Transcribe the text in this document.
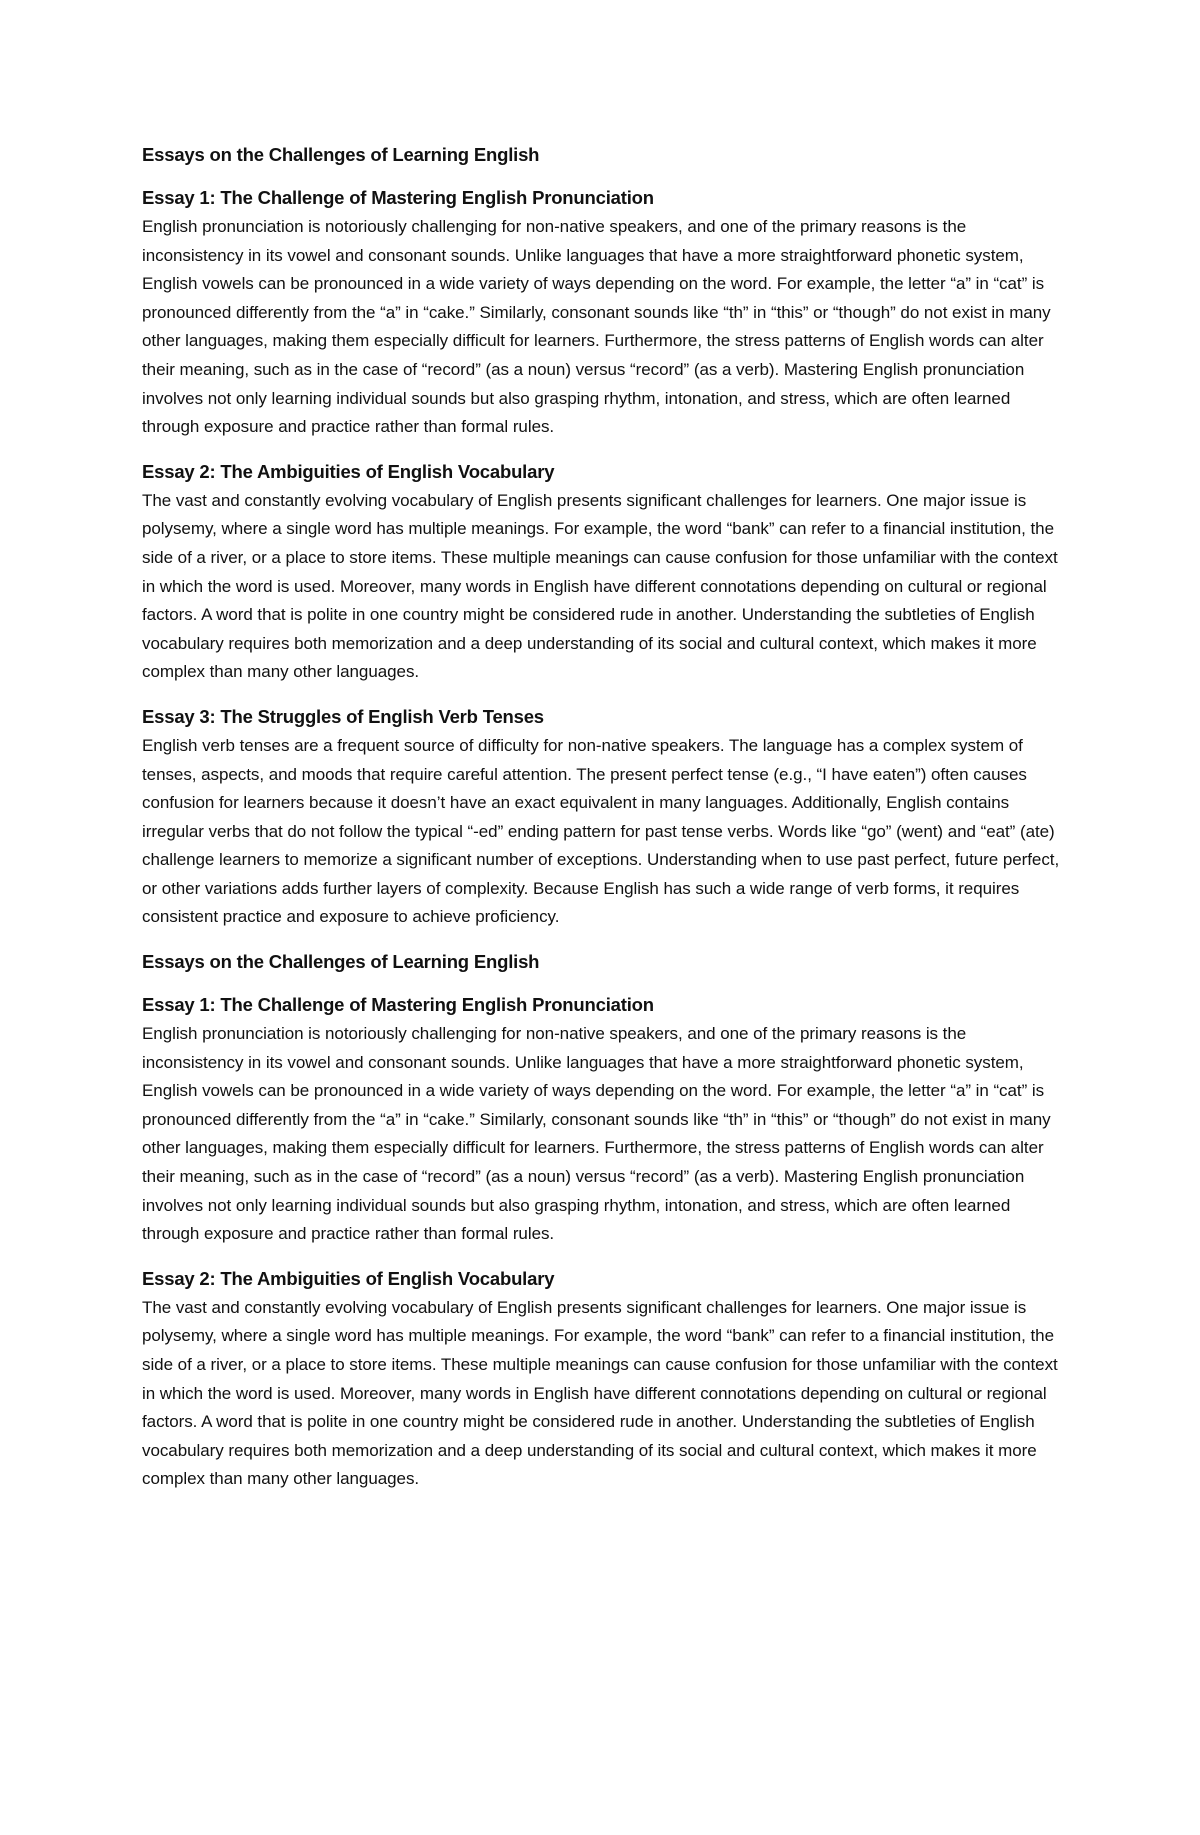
Essays on the Challenges of Learning English
Essay 1: The Challenge of Mastering English Pronunciation

English pronunciation is notoriously challenging for non-native speakers, and one of the primary reasons is the inconsistency in its vowel and consonant sounds. Unlike languages that have a more straightforward phonetic system, English vowels can be pronounced in a wide variety of ways depending on the word. For example, the letter “a” in “cat” is pronounced differently from the “a” in “cake.” Similarly, consonant sounds like “th” in “this” or “though” do not exist in many other languages, making them especially difficult for learners. Furthermore, the stress patterns of English words can alter their meaning, such as in the case of “record” (as a noun) versus “record” (as a verb). Mastering English pronunciation involves not only learning individual sounds but also grasping rhythm, intonation, and stress, which are often learned through exposure and practice rather than formal rules.

Essay 2: The Ambiguities of English Vocabulary

The vast and constantly evolving vocabulary of English presents significant challenges for learners. One major issue is polysemy, where a single word has multiple meanings. For example, the word “bank” can refer to a financial institution, the side of a river, or a place to store items. These multiple meanings can cause confusion for those unfamiliar with the context in which the word is used. Moreover, many words in English have different connotations depending on cultural or regional factors. A word that is polite in one country might be considered rude in another. Understanding the subtleties of English vocabulary requires both memorization and a deep understanding of its social and cultural context, which makes it more complex than many other languages.

Essay 3: The Struggles of English Verb Tenses

English verb tenses are a frequent source of difficulty for non-native speakers. The language has a complex system of tenses, aspects, and moods that require careful attention. The present perfect tense (e.g., “I have eaten”) often causes confusion for learners because it doesn’t have an exact equivalent in many languages. Additionally, English contains irregular verbs that do not follow the typical “-ed” ending pattern for past tense verbs. Words like “go” (went) and “eat” (ate) challenge learners to memorize a significant number of exceptions. Understanding when to use past perfect, future perfect, or other variations adds further layers of complexity. Because English has such a wide range of verb forms, it requires consistent practice and exposure to achieve proficiency.

Essays on the Challenges of Learning English
Essay 1: The Challenge of Mastering English Pronunciation

English pronunciation is notoriously challenging for non-native speakers, and one of the primary reasons is the inconsistency in its vowel and consonant sounds. Unlike languages that have a more straightforward phonetic system, English vowels can be pronounced in a wide variety of ways depending on the word. For example, the letter “a” in “cat” is pronounced differently from the “a” in “cake.” Similarly, consonant sounds like “th” in “this” or “though” do not exist in many other languages, making them especially difficult for learners. Furthermore, the stress patterns of English words can alter their meaning, such as in the case of “record” (as a noun) versus “record” (as a verb). Mastering English pronunciation involves not only learning individual sounds but also grasping rhythm, intonation, and stress, which are often learned through exposure and practice rather than formal rules.

Essay 2: The Ambiguities of English Vocabulary

The vast and constantly evolving vocabulary of English presents significant challenges for learners. One major issue is polysemy, where a single word has multiple meanings. For example, the word “bank” can refer to a financial institution, the side of a river, or a place to store items. These multiple meanings can cause confusion for those unfamiliar with the context in which the word is used. Moreover, many words in English have different connotations depending on cultural or regional factors. A word that is polite in one country might be considered rude in another. Understanding the subtleties of English vocabulary requires both memorization and a deep understanding of its social and cultural context, which makes it more complex than many other languages.
